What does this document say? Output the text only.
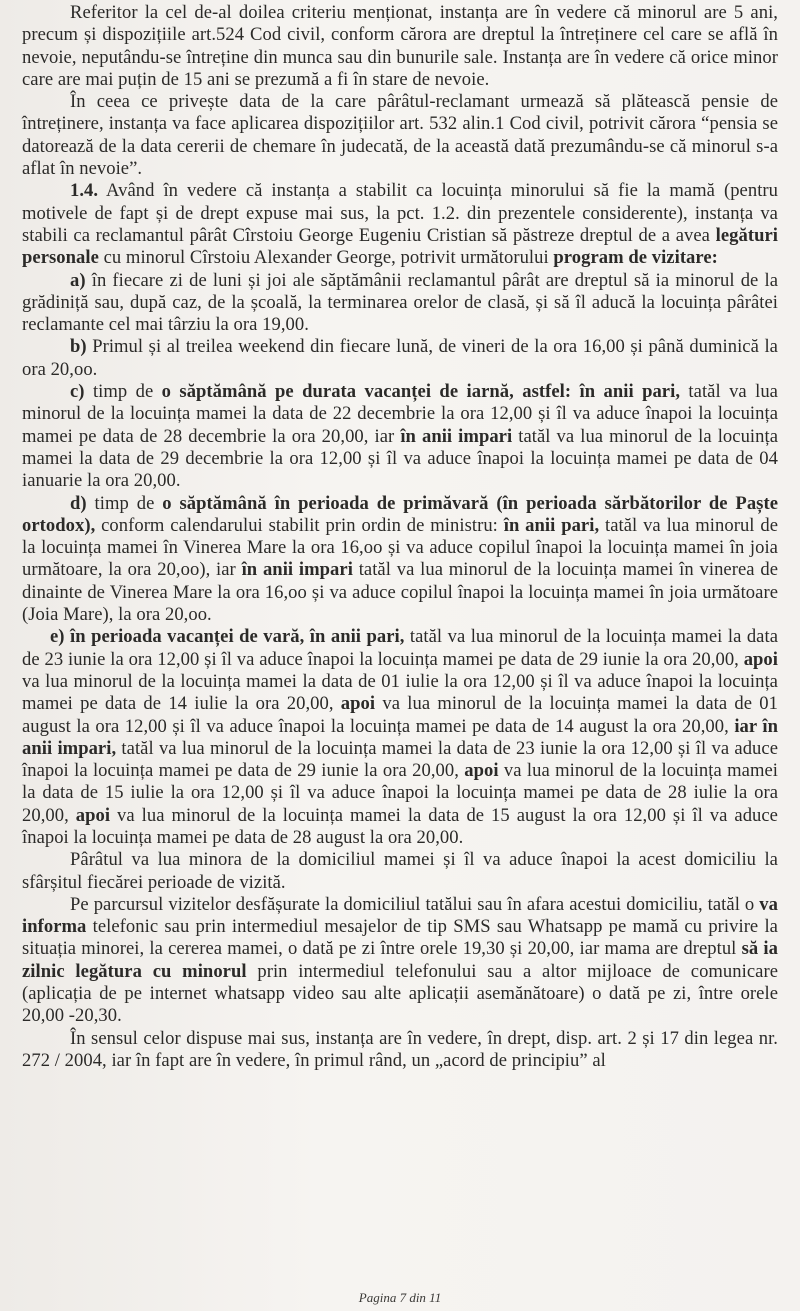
Referitor la cel de-al doilea criteriu menționat, instanța are în vedere că minorul are 5 ani, precum și dispozițiile art.524 Cod civil, conform cărora are dreptul la întreținere cel care se află în nevoie, neputându-se întreține din munca sau din bunurile sale. Instanța are în vedere că orice minor care are mai puțin de 15 ani se prezumă a fi în stare de nevoie.

În ceea ce privește data de la care pârâtul-reclamant urmează să plătească pensie de întreținere, instanța va face aplicarea dispozițiilor art. 532 alin.1 Cod civil, potrivit cărora “pensia se datorează de la data cererii de chemare în judecată, de la această dată prezumându-se că minorul s-a aflat în nevoie”.

1.4. Având în vedere că instanța a stabilit ca locuința minorului să fie la mamă (pentru motivele de fapt și de drept expuse mai sus, la pct. 1.2. din prezentele considerente), instanța va stabili ca reclamantul pârât Cîrstoiu George Eugeniu Cristian să păstreze dreptul de a avea legături personale cu minorul Cîrstoiu Alexander George, potrivit următorului program de vizitare:

a) în fiecare zi de luni și joi ale săptămânii reclamantul pârât are dreptul să ia minorul de la grădiniță sau, după caz, de la școală, la terminarea orelor de clasă, și să îl aducă la locuința pârâtei reclamante cel mai târziu la ora 19,00.

b) Primul și al treilea weekend din fiecare lună, de vineri de la ora 16,00 și până duminică la ora 20,oo.

c) timp de o săptămână pe durata vacanței de iarnă, astfel: în anii pari, tatăl va lua minorul de la locuința mamei la data de 22 decembrie la ora 12,00 și îl va aduce înapoi la locuința mamei pe data de 28 decembrie la ora 20,00, iar în anii impari tatăl va lua minorul de la locuința mamei la data de 29 decembrie la ora 12,00 și îl va aduce înapoi la locuința mamei pe data de 04 ianuarie la ora 20,00.

d) timp de o săptămână în perioada de primăvară (în perioada sărbătorilor de Paște ortodox), conform calendarului stabilit prin ordin de ministru: în anii pari, tatăl va lua minorul de la locuința mamei în Vinerea Mare la ora 16,oo și va aduce copilul înapoi la locuința mamei în joia următoare, la ora 20,oo), iar în anii impari tatăl va lua minorul de la locuința mamei în vinerea de dinainte de Vinerea Mare la ora 16,oo și va aduce copilul înapoi la locuința mamei în joia următoare (Joia Mare), la ora 20,oo.

e) în perioada vacanței de vară, în anii pari, tatăl va lua minorul de la locuința mamei la data de 23 iunie la ora 12,00 și îl va aduce înapoi la locuința mamei pe data de 29 iunie la ora 20,00, apoi va lua minorul de la locuința mamei la data de 01 iulie la ora 12,00 și îl va aduce înapoi la locuința mamei pe data de 14 iulie la ora 20,00, apoi va lua minorul de la locuința mamei la data de 01 august la ora 12,00 și îl va aduce înapoi la locuința mamei pe data de 14 august la ora 20,00, iar în anii impari, tatăl va lua minorul de la locuința mamei la data de 23 iunie la ora 12,00 și îl va aduce înapoi la locuința mamei pe data de 29 iunie la ora 20,00, apoi va lua minorul de la locuința mamei la data de 15 iulie la ora 12,00 și îl va aduce înapoi la locuința mamei pe data de 28 iulie la ora 20,00, apoi va lua minorul de la locuința mamei la data de 15 august la ora 12,00 și îl va aduce înapoi la locuința mamei pe data de 28 august la ora 20,00.

Pârâtul va lua minora de la domiciliul mamei și îl va aduce înapoi la acest domiciliu la sfârșitul fiecărei perioade de vizită.

Pe parcursul vizitelor desfășurate la domiciliul tatălui sau în afara acestui domiciliu, tatăl o va informa telefonic sau prin intermediul mesajelor de tip SMS sau Whatsapp pe mamă cu privire la situația minorei, la cererea mamei, o dată pe zi între orele 19,30 și 20,00, iar mama are dreptul să ia zilnic legătura cu minorul prin intermediul telefonului sau a altor mijloace de comunicare (aplicația de pe internet whatsapp video sau alte aplicații asemănătoare) o dată pe zi, între orele 20,00 -20,30.

În sensul celor dispuse mai sus, instanța are în vedere, în drept, disp. art. 2 și 17 din legea nr. 272 / 2004, iar în fapt are în vedere, în primul rând, un „acord de principiu” al

Pagina 7 din 11
